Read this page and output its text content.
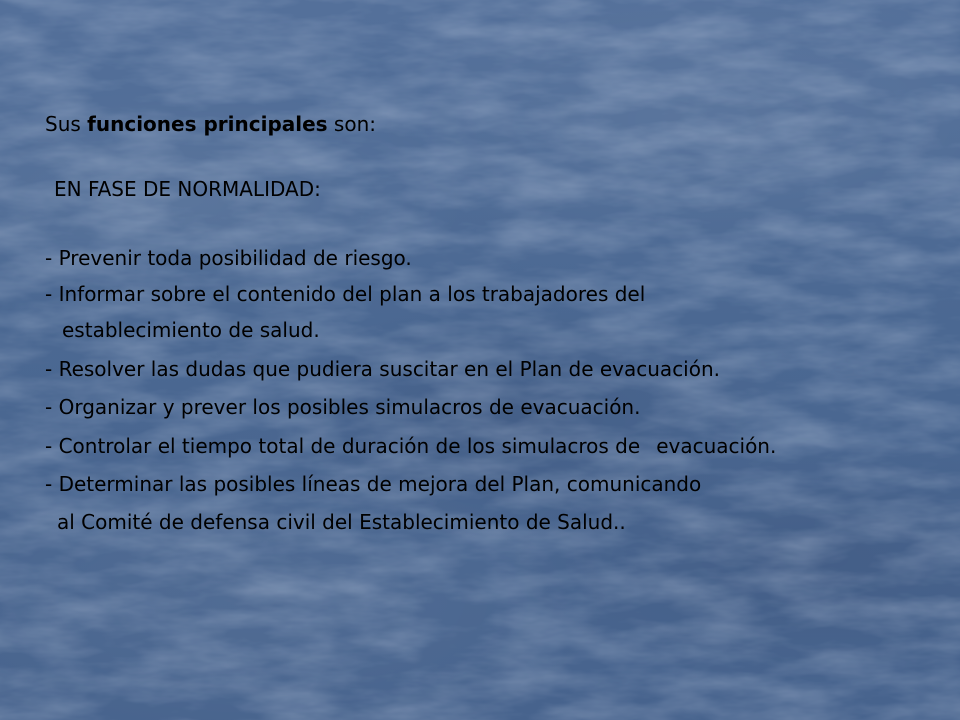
Sus funciones principales son:
EN FASE DE NORMALIDAD:
- Prevenir toda posibilidad de riesgo.
- Informar sobre el contenido del plan a los trabajadores del
establecimiento de salud.
- Resolver las dudas que pudiera suscitar en el Plan de evacuación.
- Organizar y prever los posibles simulacros de evacuación.
- Controlar el tiempo total de duración de los simulacros de evacuación.
- Determinar las posibles líneas de mejora del Plan, comunicando
al Comité de defensa civil del Establecimiento de Salud..
